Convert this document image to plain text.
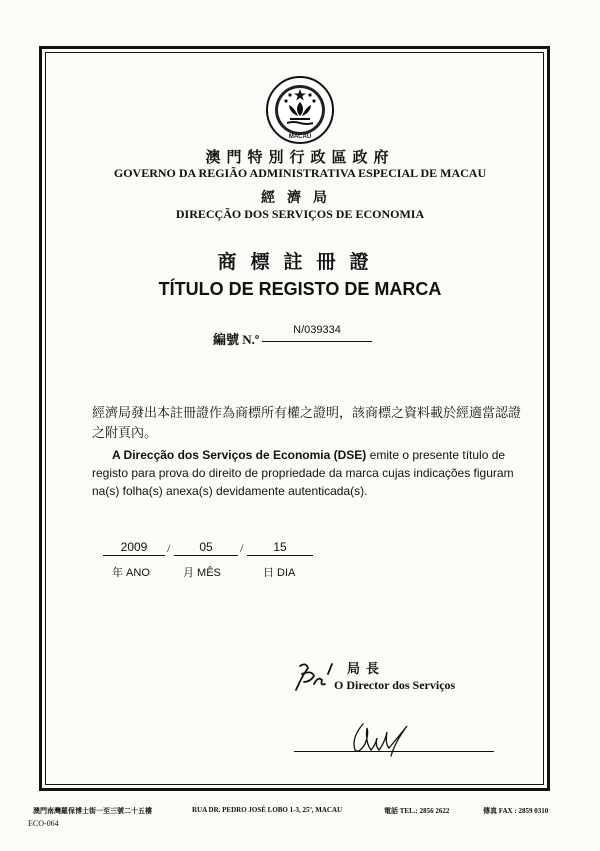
MACAU
澳門特別行政區政府
GOVERNO DA REGIÃO ADMINISTRATIVA ESPECIAL DE MACAU
經濟局
DIRECÇÃO DOS SERVIÇOS DE ECONOMIA
商標註冊證
TÍTULO DE REGISTO DE MARCA
編號 N.º
N/039334
經濟局發出本註冊證作為商標所有權之證明，該商標之資料載於經適當認證之附頁內。
A Direcção dos Serviços de Economia (DSE) emite o presente título de registo para prova do direito de propriedade da marca cujas indicações figuram na(s) folha(s) anexa(s) devidamente autenticada(s).
2009	/	05	/	15
年 ANO	月 MÊS	日 DIA
局長
O Director dos Serviços
澳門南灣羅保博士街一至三號二十五樓	RUA DR. PEDRO JOSÉ LOBO 1-3, 25º, MACAU	電話 TEL.: 2856 2622	傳真 FAX : 2859 0310
ECO-064
